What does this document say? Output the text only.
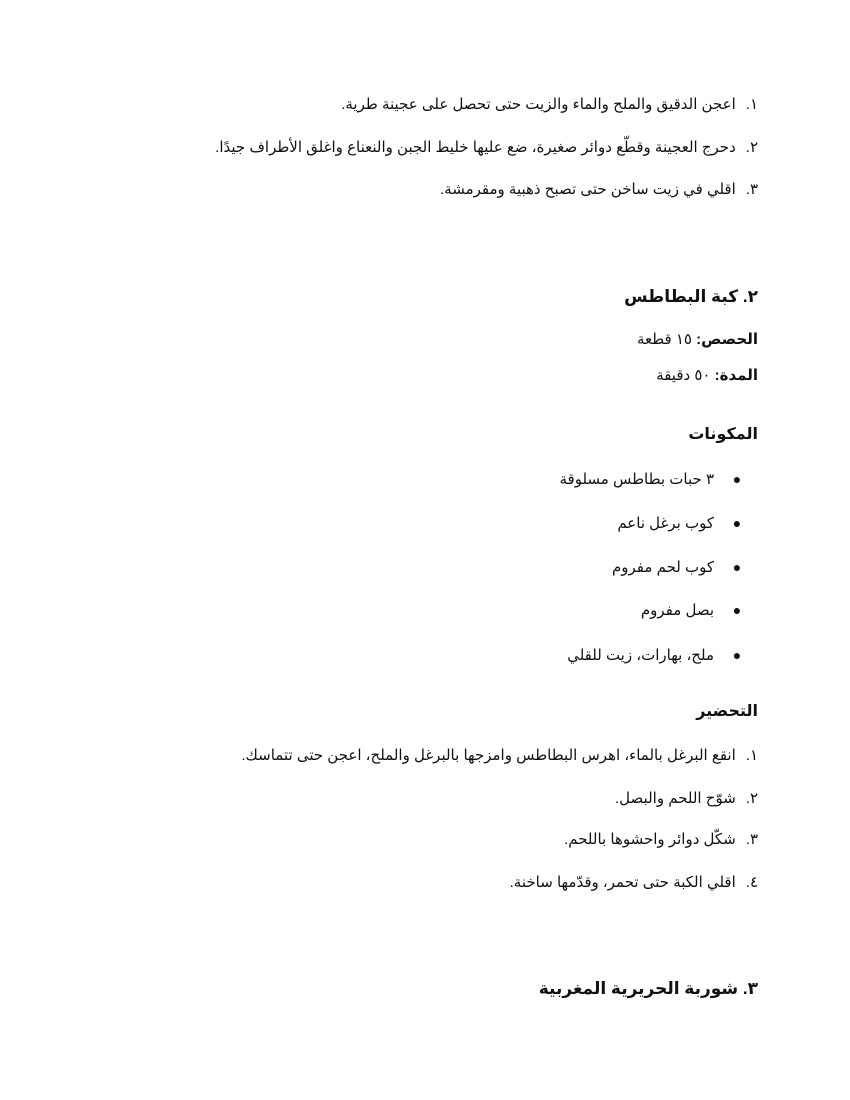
١.اعجن الدقيق والملح والماء والزيت حتى تحصل على عجينة طرية.
٢.دحرج العجينة وقطّع دوائر صغيرة، ضع عليها خليط الجبن والنعناع واغلق الأطراف جيدًا.
٣.اقلي في زيت ساخن حتى تصبح ذهبية ومقرمشة.
٢. كبة البطاطس
الحصص: ١٥ قطعة
المدة: ٥٠ دقيقة
المكونات
●٣ حبات بطاطس مسلوقة
●كوب برغل ناعم
●كوب لحم مفروم
●بصل مفروم
●ملح، بهارات، زيت للقلي
التحضير
١.انقع البرغل بالماء، اهرس البطاطس وامزجها بالبرغل والملح، اعجن حتى تتماسك.
٢.شوّح اللحم والبصل.
٣.شكّل دوائر واحشوها باللحم.
٤.اقلي الكبة حتى تحمر، وقدّمها ساخنة.
٣. شوربة الحريرية المغربية
